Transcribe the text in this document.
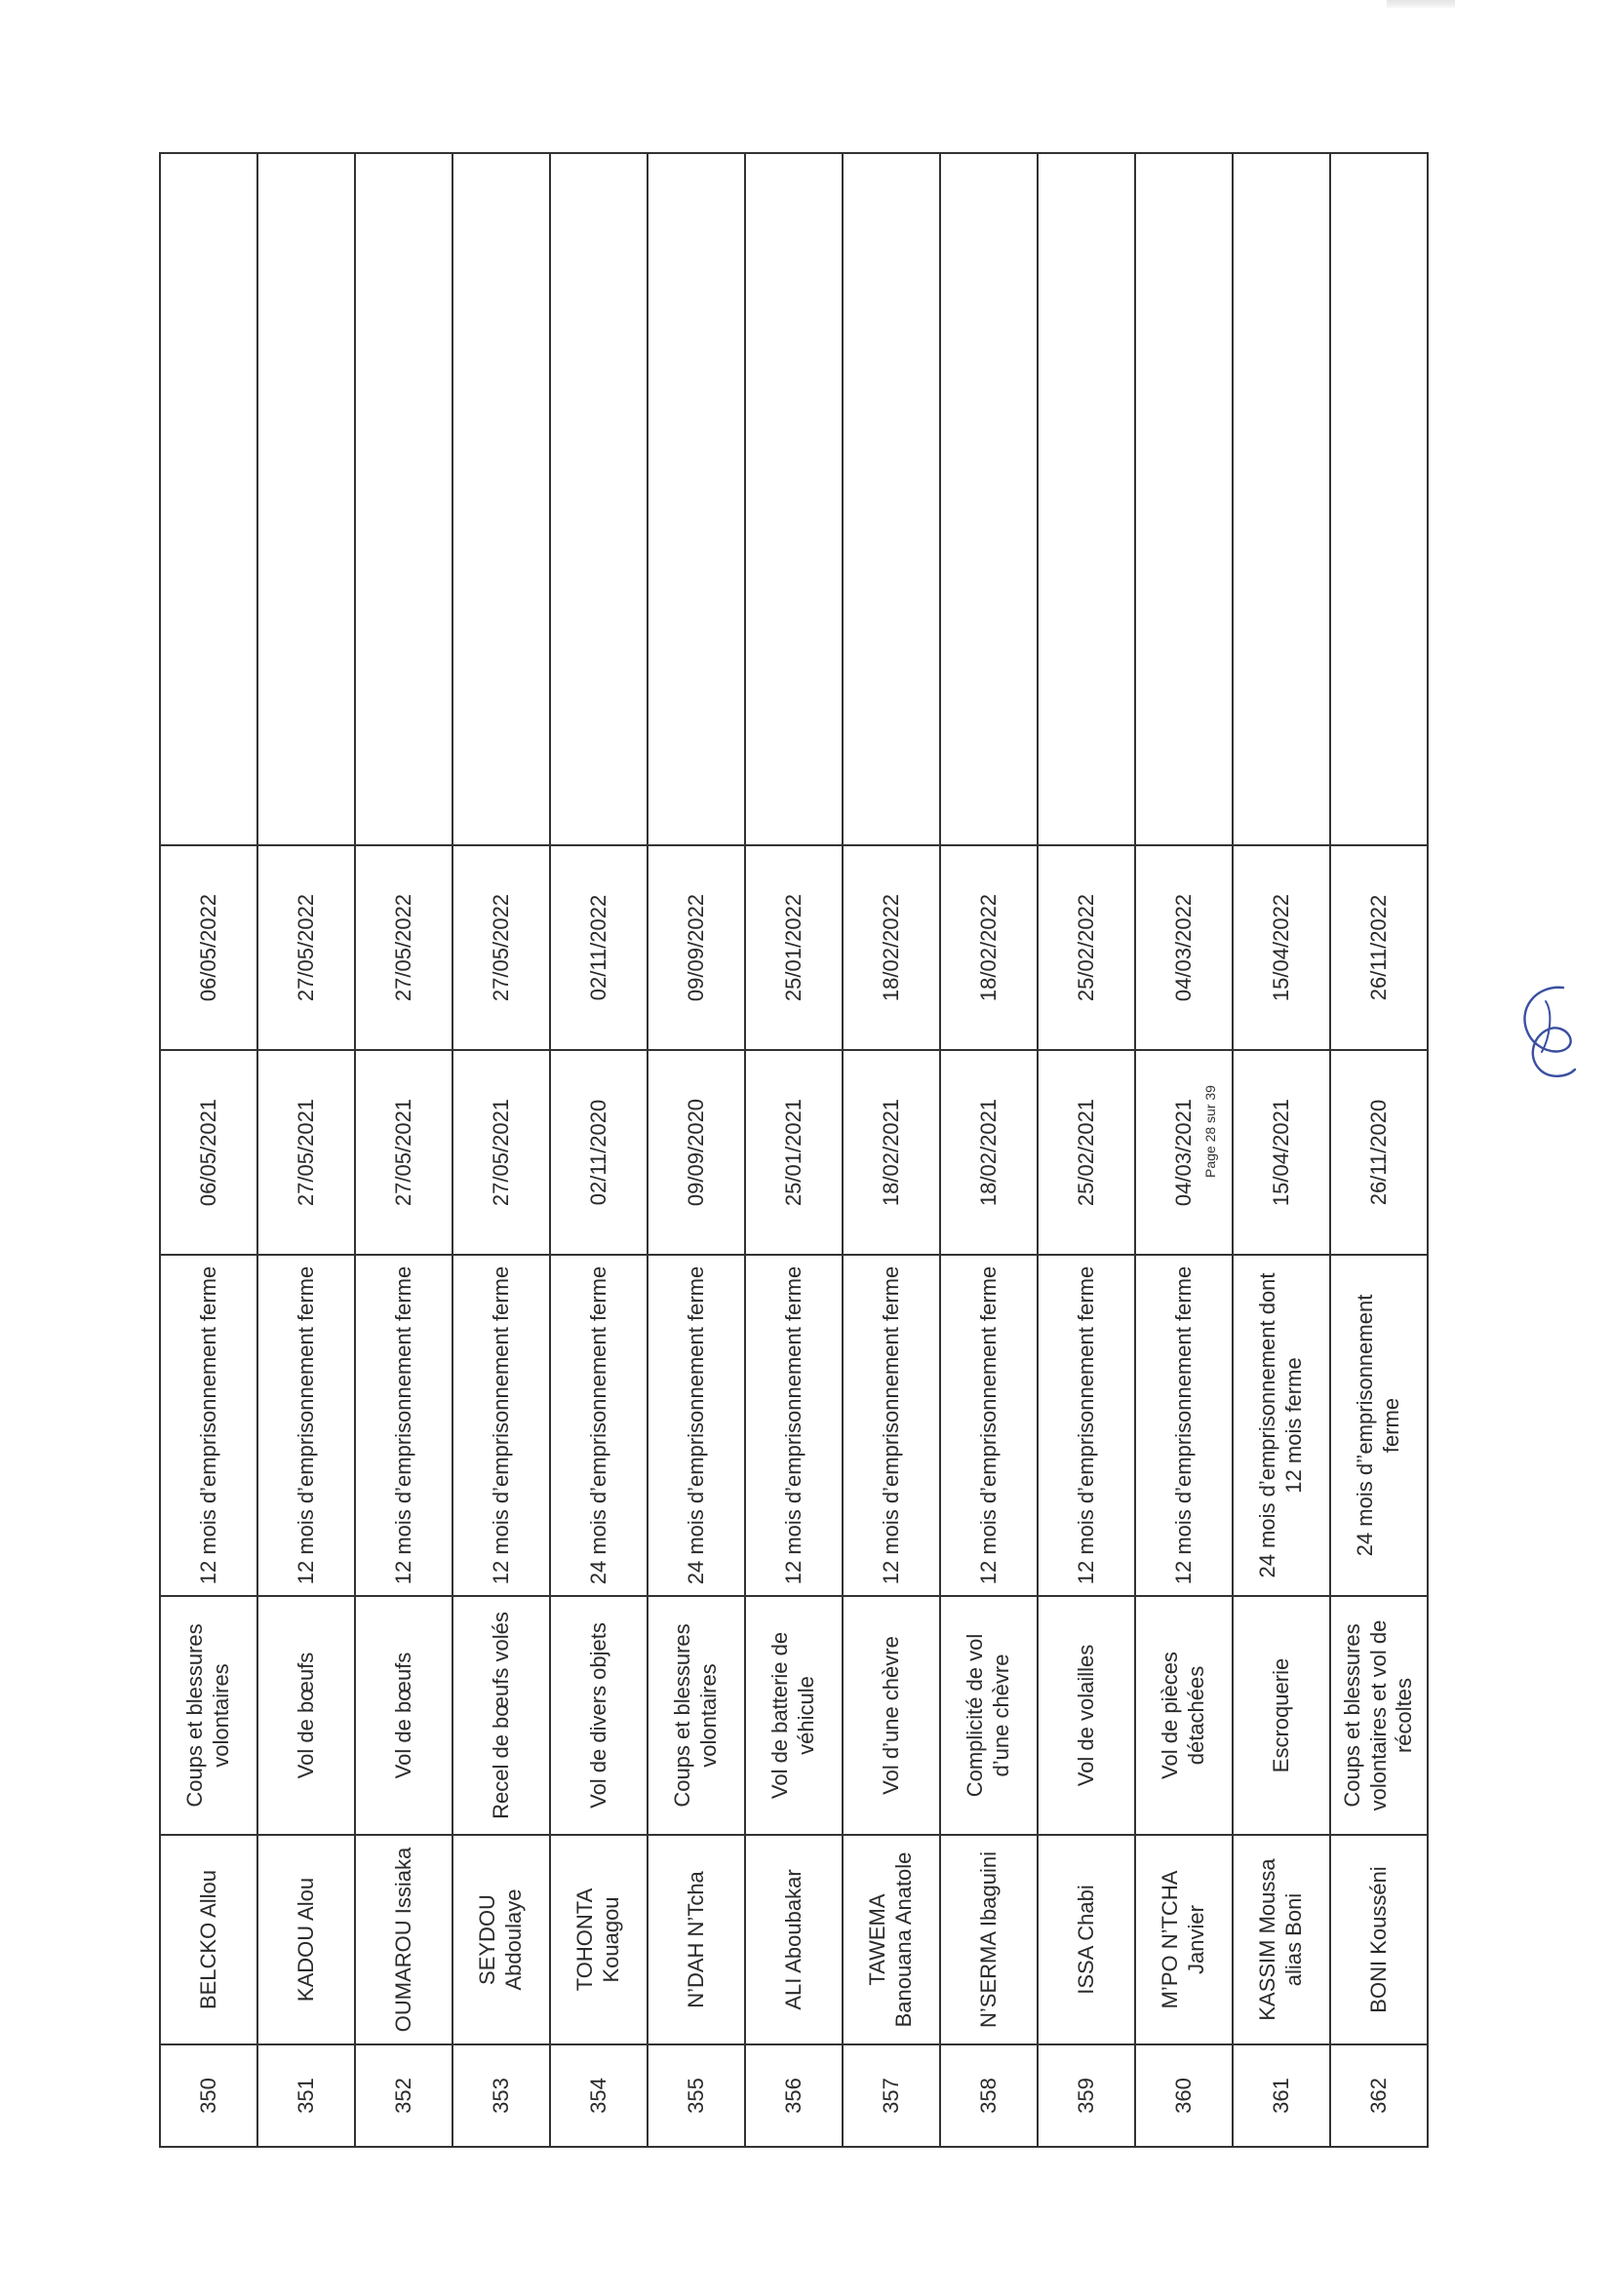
350	BELCKO Allou	Coups et blessures volontaires	12 mois d’emprisonnement ferme	06/05/2021	06/05/2022	
351	KADOU Alou	Vol de bœufs	12 mois d’emprisonnement ferme	27/05/2021	27/05/2022	
352	OUMAROU Issiaka	Vol de bœufs	12 mois d’emprisonnement ferme	27/05/2021	27/05/2022	
353	SEYDOU Abdoulaye	Recel de bœufs volés	12 mois d’emprisonnement ferme	27/05/2021	27/05/2022	
354	TOHONTA Kouagou	Vol de divers objets	24 mois d’emprisonnement ferme	02/11/2020	02/11/2022	
355	N’DAH N’Tcha	Coups et blessures volontaires	24 mois d’emprisonnement ferme	09/09/2020	09/09/2022	
356	ALI Aboubakar	Vol de batterie de véhicule	12 mois d’emprisonnement ferme	25/01/2021	25/01/2022	
357	TAWEMA Banouana Anatole	Vol d’une chèvre	12 mois d’emprisonnement ferme	18/02/2021	18/02/2022	
358	N’SERMA Ibaguini	Complicité de vol d’une chèvre	12 mois d’emprisonnement ferme	18/02/2021	18/02/2022	
359	ISSA Chabi	Vol de volailles	12 mois d’emprisonnement ferme	25/02/2021	25/02/2022	
360	M’PO N’TCHA Janvier	Vol de pièces détachées	12 mois d’emprisonnement ferme	04/03/2021	04/03/2022	
361	KASSIM Moussa alias Boni	Escroquerie	24 mois d’emprisonnement dont 12 mois ferme	15/04/2021	15/04/2022	
362	BONI Kousséni	Coups et blessures volontaires et vol de récoltes	24 mois d’’emprisonnement ferme	26/11/2020	26/11/2022	
Page 28 sur 39
